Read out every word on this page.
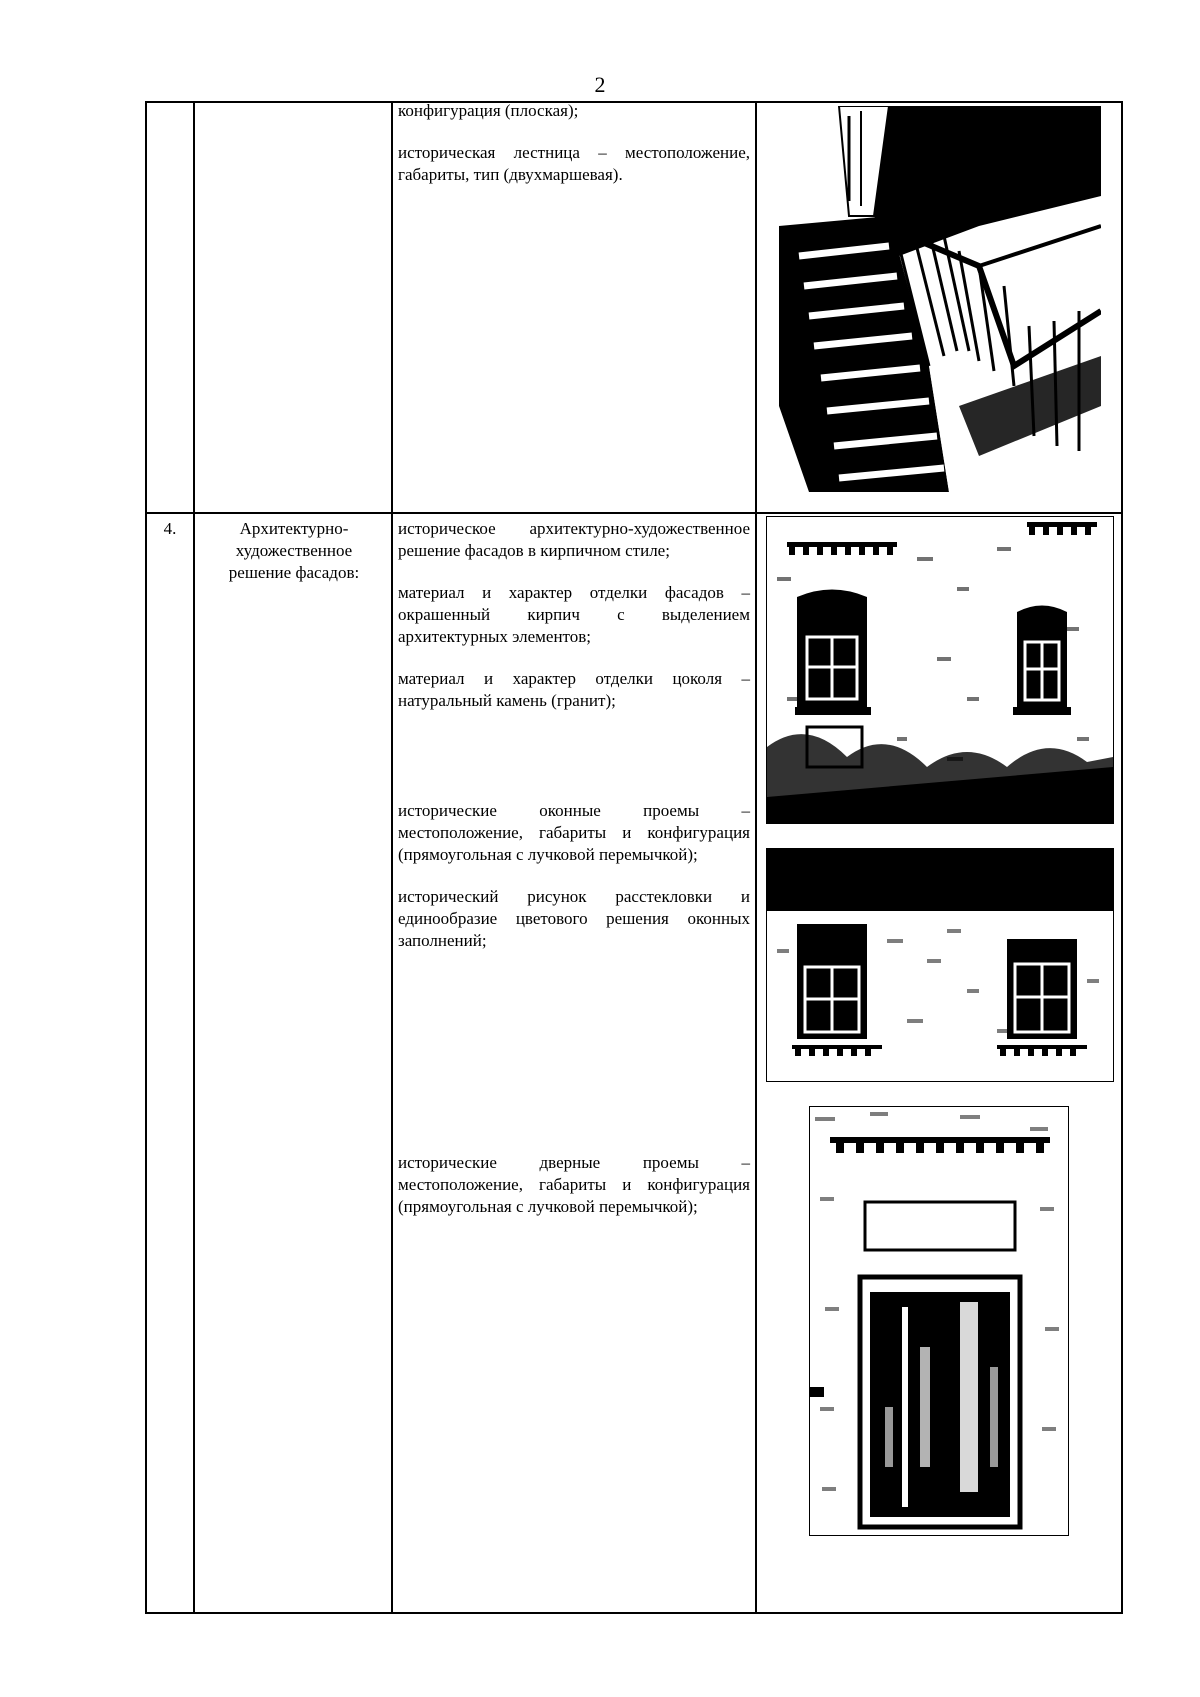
2

конфигурация (плоская);

историческая лестница – местоположение, габариты, тип (двухмаршевая).

4.	Архитектурно-художественное решение фасадов:

историческое архитектурно-художественное решение фасадов в кирпичном стиле;

материал и характер отделки фасадов – окрашенный кирпич с выделением архитектурных элементов;

материал и характер отделки цоколя – натуральный камень (гранит);

исторические оконные проемы – местоположение, габариты и конфигурация (прямоугольная с лучковой перемычкой);

исторический рисунок расстекловки и единообразие цветового решения оконных заполнений;

исторические дверные проемы – местоположение, габариты и конфигурация (прямоугольная с лучковой перемычкой);
